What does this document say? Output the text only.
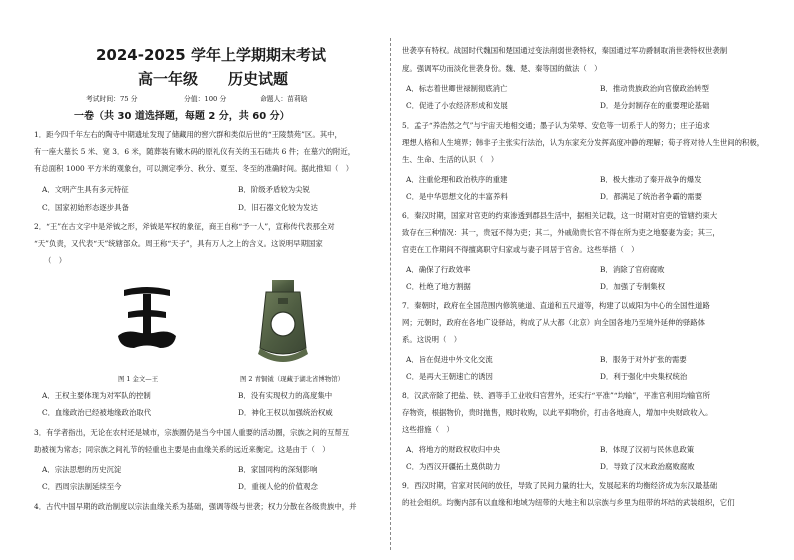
2024-2025 学年上学期期末考试
高一年级　　历史试题
考试时间：75 分	分值：100 分	命题人：苗莉晗
一卷（共 30 道选择题，每题 2 分，共 60 分）
1．距今四千年左右的陶寺中期遗址发现了储藏用的窖穴群和类似后世的“王陵禁苑”区。其中，
有一座大墓长 5 米、宽 3．6 米，随葬装有嫩木码的原礼仪有关的玉石础共 6 件；在墓穴的附近，
有总面积 1000 平方米的观象台，可以测定季分、秋分、夏至、冬至的准确时间。据此推知（　）
A．文明产生具有多元特征	B．阶级矛盾较为尖锐
C．国家初始形态逐步具备	D．旧石器文化较为发达
2．“王”在古文字中是斧钺之形，斧钺是军权的象征，商王自称“予一人”，宣称传代表那全对
“天”负责，又代表“天”统辖部众。周王称“天子”，具有万人之上的含义。这说明早期国家
（　）
图 1 金文—王	图 2 青铜钺（现藏于湖北省博物馆）
A．王权主要体现为对军队的控制	B．没有实现权力的高度集中
C．血缘政治已经被地缘政治取代	D．神化王权以加强统治权威
3．有学者指出，无论在农村还是城市，宗族圈仍是当今中国人重要的活动圈，宗族之间的互帮互
助被视为常态；同宗族之间礼节的轻重也主要是由血缘关系的远近来衡定。这是由于（　）
A．宗法思想的历史沉淀	B．家国同构的深刻影响
C．西周宗法制延续至今	D．重视人伦的价值观念
4．古代中国早期的政治制度以宗法血缘关系为基础，强调等级与世袭；权力分散在各级贵族中，并
世袭享有特权。战国时代魏国和楚国通过变法削弱世袭特权，秦国通过军功爵制取消世袭特权世袭制
度。强调军功而淡化世袭身份。魏、楚、秦等国的做法（　）
A．标志着世卿世禄制彻底消亡	B．推动贵族政治向官僚政治转型
C．促进了小农经济形成和发展	D．是分封制存在的重要理论基础
5．孟子“养浩然之气”与宇宙天地相交通；墨子认为荣辱、安危等一切系于人的努力；庄子追求
理想人格和人生境界；韩非子主张实行法治，认为东家充分发挥高度冲静的理解；荀子将对待人生世间的积极，
生、生命、生活的认识（　）
A．注重伦理和政治秩序的重建	B．极大推动了秦开战争的爆发
C．是中华思想文化的丰富养料	D．都满足了统治者争霸的需要
6．秦汉时期，国家对官吏的约束渗透到郡县生活中，据相关记载，这一时期对官吏的管辖约束大
致存在三种情况：其一，贵冠不得为吏；其二，外戚勋贵长官不得在所为吏之地娶妻为妾；其三，
官吏在工作期间不得擅离职守归家或与妻子同居于官舍。这些举措（　）
A．确保了行政效率	B．消除了官府腐败
C．杜绝了地方割据	D．加强了专制集权
7．秦朝时，政府在全国范围内修筑驰道、直道和五尺道等，构建了以咸阳为中心的全国性道路
网；元朝时，政府在各地广设驿站，构成了从大都（北京）向全国各地乃至境外延伸的驿路体
系。这说明（　）
A．旨在促进中外文化交流	B．服务于对外扩张的需要
C．是再大王朝速亡的诱因	D．利于强化中央集权统治
8．汉武帝除了把盐、铁、酒等手工业收归官营外，还实行“平准”“均输”，平准官利用均输官所
存物资，根据物价，贵时抛售，贱时收购，以此平抑物价，打击各地商人，增加中央财政收入。
这些措施（　）
A．将地方的财政权收归中央	B．体现了汉初与民休息政策
C．为西汉开疆拓土奠供助力	D．导致了汉末政治腐败腐败
9．西汉时期，官家对民间的放任，导致了民间力量的壮大，发展起来的均衡经济成为东汉最基础
的社会组织。均衡内部有以血缘和地域为纽带的大地主和以宗族与乡里为纽带的坏结的武装组织，它们
